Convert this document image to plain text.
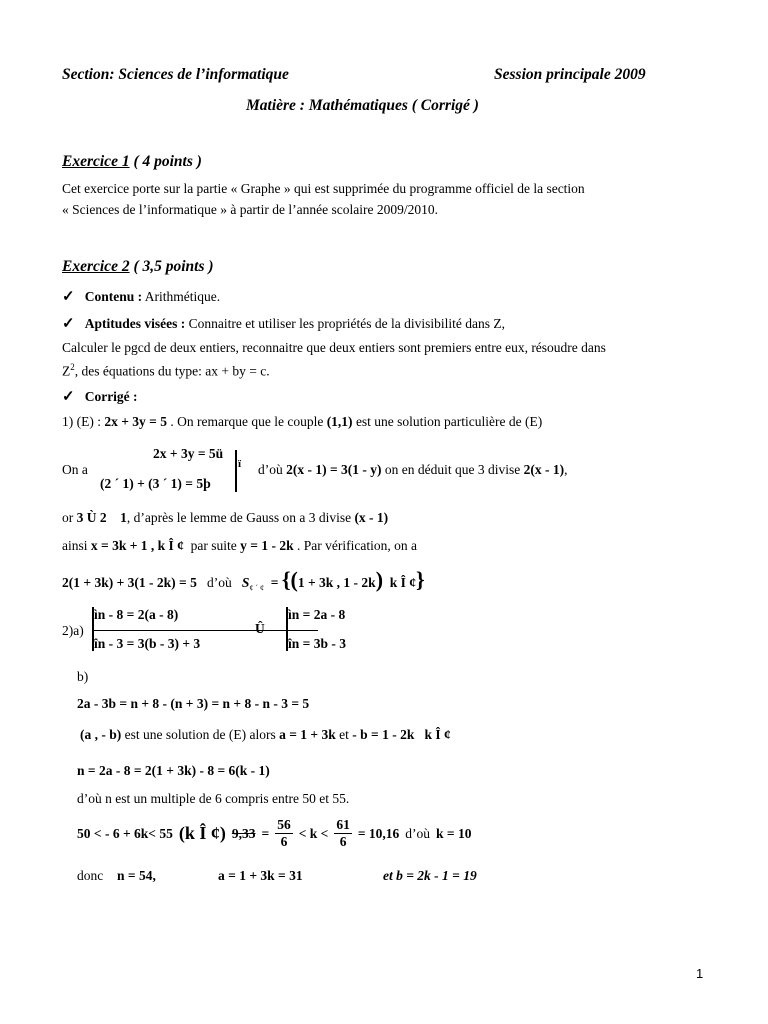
Section: Sciences de l’informatique	Session principale 2009
Matière : Mathématiques ( Corrigé )
Exercice 1 ( 4 points )
Cet exercice porte sur la partie « Graphe » qui est supprimée du programme officiel de la section
« Sciences de l’informatique » à partir de l’année scolaire 2009/2010.
Exercice 2 ( 3,5 points )
✓ Contenu : Arithmétique.
✓ Aptitudes visées : Connaitre et utiliser les propriétés de la divisibilité dans Z,
Calculer le pgcd de deux entiers, reconnaitre que deux entiers sont premiers entre eux, résoudre dans
$Z^2$, des équations du type: ax + by = c.
✓ Corrigé :
1) (E) : 2x + 3y = 5 . On remarque que le couple (1,1) est une solution particulière de (E)
On a
2x + 3y = 5ü
(2 ´ 1) + (3 ´ 1) = 5þ
ï d’où 2(x - 1) = 3(1 - y) on en déduit que 3 divise 2(x - 1),
or 3 Ù 2 1, d’après le lemme de Gauss on a 3 divise (x - 1)
ainsi x = 3k + 1 , k Î ¢ par suite y = 1 - 2k . Par vérification, on a
2(1 + 3k) + 3(1 - 2k) = 5 d’où $S_{¢ ´ ¢} = \{(1 + 3k$ , 1 - 2k) k Î ¢}
2)a)
ìn - 8 = 2(a - 8)
în - 3 = 3(b - 3) + 3
Û
ìn = 2a - 8
în = 3b - 3
b)
2a - 3b = n + 8 - (n + 3) = n + 8 - n - 3 = 5
(a , - b) est une solution de (E) alors a = 1 + 3k et - b = 1 - 2k k Î ¢
n = 2a - 8 = 2(1 + 3k) - 8 = 6(k - 1)
d’où n est un multiple de 6 compris entre 50 et 55.
50 < - 6 + 6k< 55 (k Î ¢) $9,33 = \frac{56}{6} < k < \frac{61}{6} = 10,16$ d’où k = 10
donc n = 54,	a = 1 + 3k = 31	et b = 2k - 1 = 19
1
